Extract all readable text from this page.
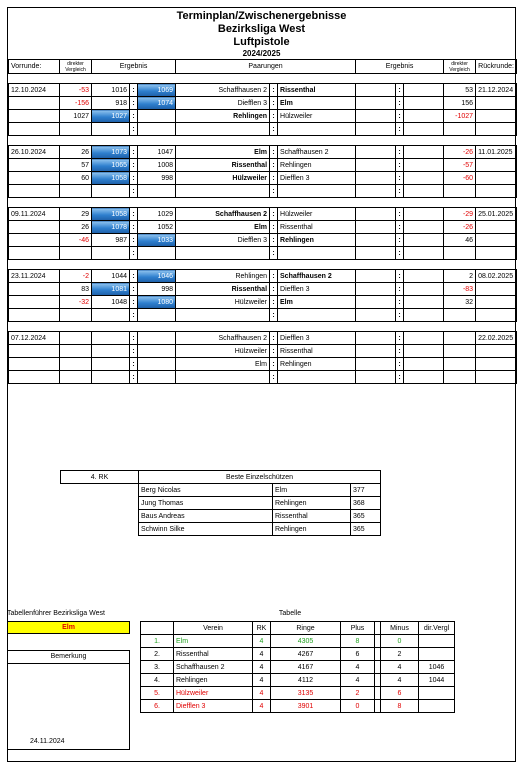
Terminplan/Zwischenergebnisse
Bezirksliga West
Luftpistole
2024/2025
Vorrunde:	direkter
Vergleich	Ergebnis			Paarungen			Ergebnis			direkter
Vergleich	Rückrunde:

12.10.2024	-53	1016	:	1069	Schaffhausen 2	:	Rissenthal		:		53	21.12.2024
	-156	918	:	1074	Diefflen 3	:	Elm		:		156	
	1027	1027	:		Rehlingen	:	Hülzweiler		:		-1027	
			:			:			:			

26.10.2024	26	1073	:	1047	Elm	:	Schaffhausen 2		:		-26	11.01.2025
	57	1065	:	1008	Rissenthal	:	Rehlingen		:		-57	
	60	1058	:	998	Hülzweiler	:	Diefflen 3		:		-60	
			:			:			:			

09.11.2024	29	1058	:	1029	Schaffhausen 2	:	Hülzweiler		:		-29	25.01.2025
	26	1078	:	1052	Elm	:	Rissenthal		:		-26	
	-46	987	:	1033	Diefflen 3	:	Rehlingen		:		46	
			:			:			:			

23.11.2024	-2	1044	:	1046	Rehlingen	:	Schaffhausen 2		:		2	08.02.2025
	83	1081	:	998	Rissenthal	:	Diefflen 3		:		-83	
	-32	1048	:	1080	Hülzweiler	:	Elm		:		32	
			:			:			:			

07.12.2024			:		Schaffhausen 2	:	Diefflen 3		:			22.02.2025
			:		Hülzweiler	:	Rissenthal		:			
			:		Elm	:	Rehlingen		:			
			:			:			:			
4. RK	Beste Einzelschützen		
	Berg Nicolas	Elm	377
	Jung Thomas	Rehlingen	368
	Baus Andreas	Rissenthal	365
	Schwinn Silke	Rehlingen	365
Tabellenführer Bezirksliga West
Elm
Bemerkung
Tabelle
	Verein	RK	Ringe	Plus		Minus	dir.Vergl	
1.	Elm	4	4305	8		0		
2.	Rissenthal	4	4267	6		2		
3.	Schaffhausen 2	4	4167	4		4	1046	
4.	Rehlingen	4	4112	4		4	1044	
5.	Hülzweiler	4	3135	2		6		
6.	Diefflen 3	4	3901	0		8		
24.11.2024
